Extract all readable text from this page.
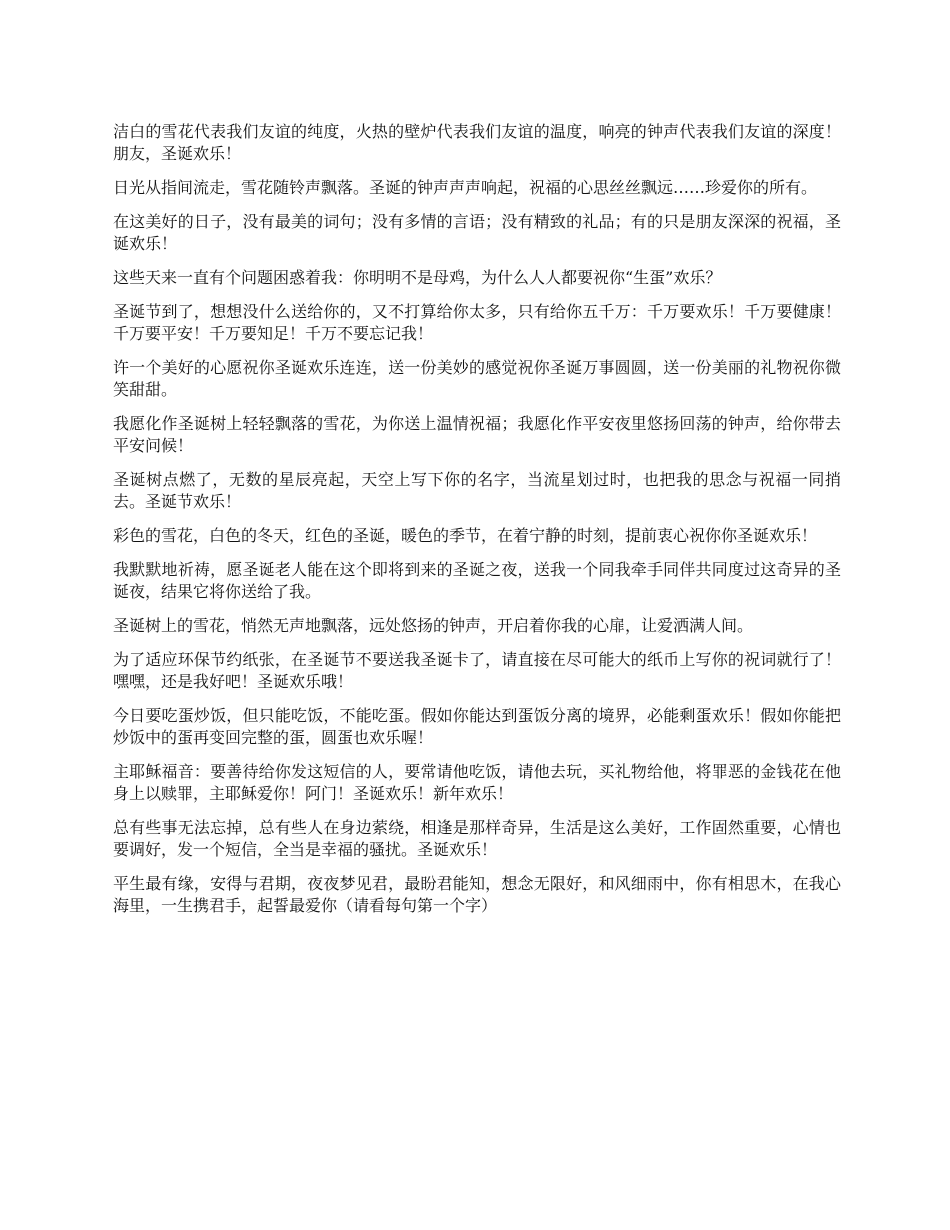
洁白的雪花代表我们友谊的纯度，火热的壁炉代表我们友谊的温度，响亮的钟声代表我们友谊的深度！朋友，圣诞欢乐！

日光从指间流走，雪花随铃声飘落。圣诞的钟声声声响起，祝福的心思丝丝飘远……珍爱你的所有。

在这美好的日子，没有最美的词句；没有多情的言语；没有精致的礼品；有的只是朋友深深的祝福，圣诞欢乐！

这些天来一直有个问题困惑着我：你明明不是母鸡，为什么人人都要祝你“生蛋”欢乐？

圣诞节到了，想想没什么送给你的，又不打算给你太多，只有给你五千万：千万要欢乐！千万要健康！千万要平安！千万要知足！千万不要忘记我！

许一个美好的心愿祝你圣诞欢乐连连，送一份美妙的感觉祝你圣诞万事圆圆，送一份美丽的礼物祝你微笑甜甜。

我愿化作圣诞树上轻轻飘落的雪花，为你送上温情祝福；我愿化作平安夜里悠扬回荡的钟声，给你带去平安问候！

圣诞树点燃了，无数的星辰亮起，天空上写下你的名字，当流星划过时，也把我的思念与祝福一同捎去。圣诞节欢乐！

彩色的雪花，白色的冬天，红色的圣诞，暖色的季节，在着宁静的时刻，提前衷心祝你你圣诞欢乐！

我默默地祈祷，愿圣诞老人能在这个即将到来的圣诞之夜，送我一个同我牵手同伴共同度过这奇异的圣诞夜，结果它将你送给了我。

圣诞树上的雪花，悄然无声地飘落，远处悠扬的钟声，开启着你我的心扉，让爱洒满人间。

为了适应环保节约纸张，在圣诞节不要送我圣诞卡了，请直接在尽可能大的纸币上写你的祝词就行了！嘿嘿，还是我好吧！圣诞欢乐哦！

今日要吃蛋炒饭，但只能吃饭，不能吃蛋。假如你能达到蛋饭分离的境界，必能剩蛋欢乐！假如你能把炒饭中的蛋再变回完整的蛋，圆蛋也欢乐喔！

主耶稣福音：要善待给你发这短信的人，要常请他吃饭，请他去玩，买礼物给他，将罪恶的金钱花在他身上以赎罪，主耶稣爱你！阿门！圣诞欢乐！新年欢乐！

总有些事无法忘掉，总有些人在身边萦绕，相逢是那样奇异，生活是这么美好，工作固然重要，心情也要调好，发一个短信，全当是幸福的骚扰。圣诞欢乐！

平生最有缘，安得与君期，夜夜梦见君，最盼君能知，想念无限好，和风细雨中，你有相思木，在我心海里，一生携君手，起誓最爱你（请看每句第一个字）
